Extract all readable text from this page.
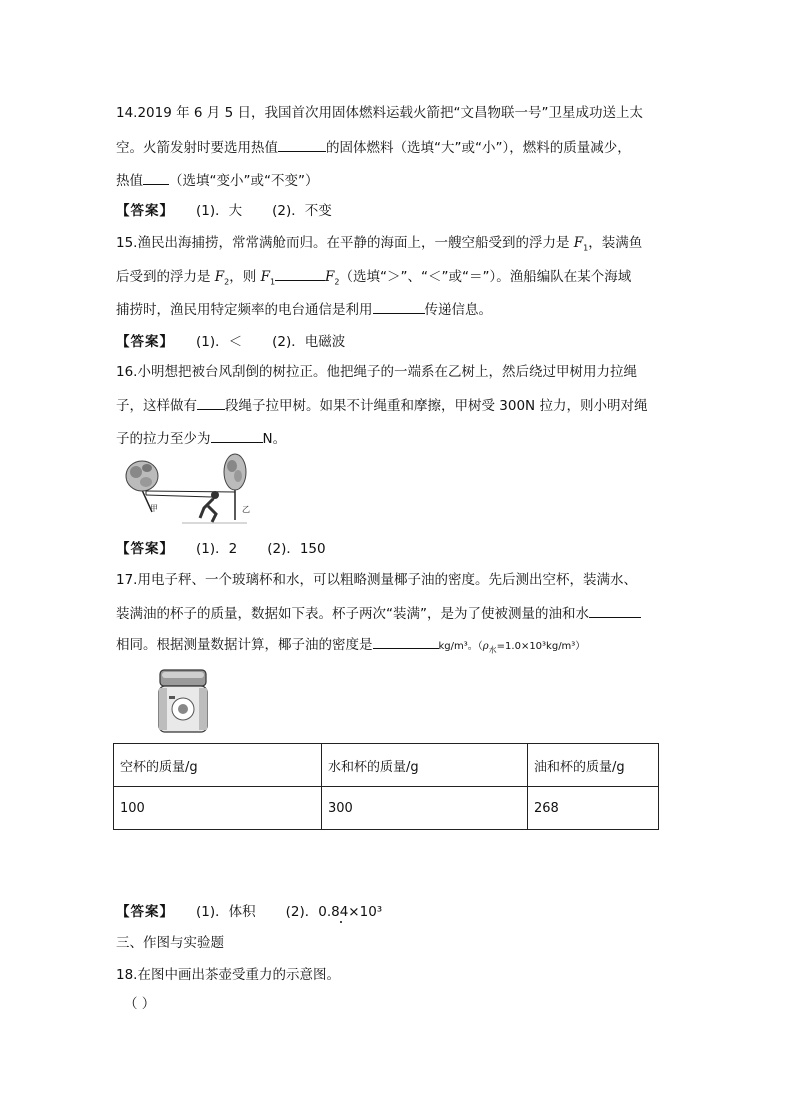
14.2019 年 6 月 5 日，我国首次用固体燃料运载火箭把“文昌物联一号”卫星成功送上太
空。火箭发射时要选用热值	的固体燃料（选填“大”或“小”），燃料的质量减少，
热值 （选填“变小”或“不变”）
【答案】 (1)．大 (2)．不变
15.渔民出海捕捞，常常满舱而归。在平静的海面上，一艘空船受到的浮力是 $F_1$，装满鱼
后受到的浮力是 $F_2$，则 $F_1$	$F_2$（选填“＞”、“＜”或“＝”）。渔船编队在某个海域
捕捞时，渔民用特定频率的电台通信是利用	传递信息。
【答案】 (1)．＜ (2)．电磁波
16.小明想把被台风刮倒的树拉正。他把绳子的一端系在乙树上，然后绕过甲树用力拉绳
子，这样做有 段绳子拉甲树。如果不计绳重和摩擦，甲树受 300N 拉力，则小明对绳
子的拉力至少为	N。
甲	乙
【答案】 (1)．2 (2)．150
17.用电子秤、一个玻璃杯和水，可以粗略测量椰子油的密度。先后测出空杯，装满水、
装满油的杯子的质量，数据如下表。杯子两次“装满”，是为了使被测量的油和水
相同。根据测量数据计算，椰子油的密度是	kg/m³。$(\rho_水=1.0\times 10^3kg/m^3)$
空杯的质量/g	水和杯的质量/g	油和杯的质量/g
100	300	268
【答案】 (1)．体积 (2)．0.84×10³
三、作图与实验题
18.在图中画出茶壶受重力的示意图。
（ ）
